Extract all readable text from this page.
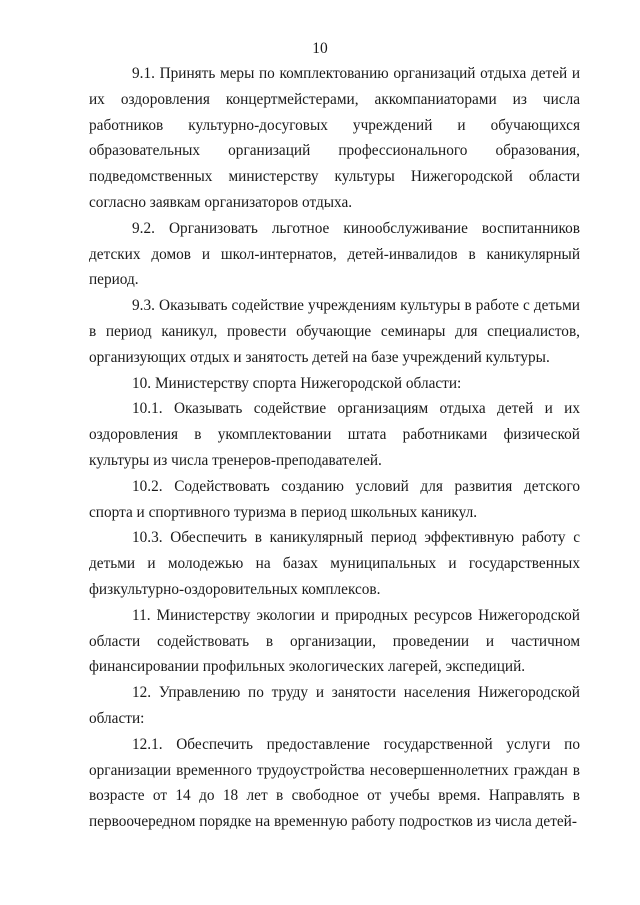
10

9.1. Принять меры по комплектованию организаций отдыха детей и их оздоровления концертмейстерами, аккомпаниаторами из числа работников культурно-досуговых учреждений и обучающихся образовательных организаций профессионального образования, подведомственных министерству культуры Нижегородской области согласно заявкам организаторов отдыха.

9.2. Организовать льготное кинообслуживание воспитанников детских домов и школ-интернатов, детей-инвалидов в каникулярный период.

9.3. Оказывать содействие учреждениям культуры в работе с детьми в период каникул, провести обучающие семинары для специалистов, организующих отдых и занятость детей на базе учреждений культуры.

10. Министерству спорта Нижегородской области:

10.1. Оказывать содействие организациям отдыха детей и их оздоровления в укомплектовании штата работниками физической культуры из числа тренеров-преподавателей.

10.2. Содействовать созданию условий для развития детского спорта и спортивного туризма в период школьных каникул.

10.3. Обеспечить в каникулярный период эффективную работу с детьми и молодежью на базах муниципальных и государственных физкультурно-оздоровительных комплексов.

11. Министерству экологии и природных ресурсов Нижегородской области содействовать в организации, проведении и частичном финансировании профильных экологических лагерей, экспедиций.

12. Управлению по труду и занятости населения Нижегородской области:

12.1. Обеспечить предоставление государственной услуги по организации временного трудоустройства несовершеннолетних граждан в возрасте от 14 до 18 лет в свободное от учебы время. Направлять в первоочередном порядке на временную работу подростков из числа детей-
